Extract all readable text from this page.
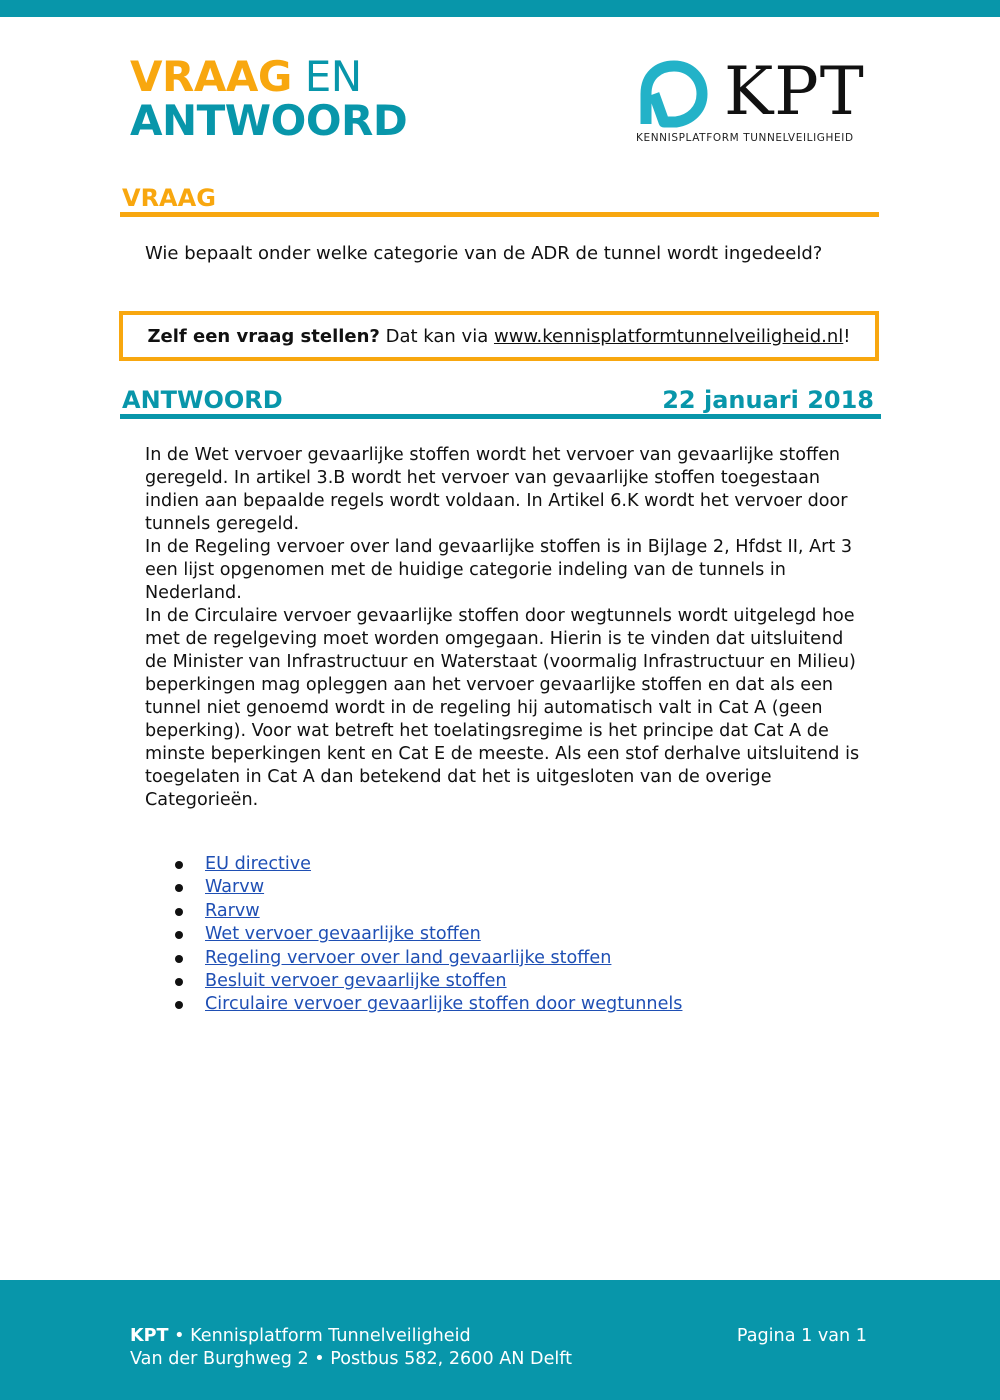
VRAAG EN
ANTWOORD	KPT
KENNISPLATFORM TUNNELVEILIGHEID
VRAAG
Wie bepaalt onder welke categorie van de ADR de tunnel wordt ingedeeld?
Zelf een vraag stellen? Dat kan via www.kennisplatformtunnelveiligheid.nl!
ANTWOORD	22 januari 2018

In de Wet vervoer gevaarlijke stoffen wordt het vervoer van gevaarlijke stoffen geregeld. In artikel 3.B wordt het vervoer van gevaarlijke stoffen toegestaan indien aan bepaalde regels wordt voldaan. In Artikel 6.K wordt het vervoer door tunnels geregeld.

In de Regeling vervoer over land gevaarlijke stoffen is in Bijlage 2, Hfdst II, Art 3 een lijst opgenomen met de huidige categorie indeling van de tunnels in Nederland.

In de Circulaire vervoer gevaarlijke stoffen door wegtunnels wordt uitgelegd hoe met de regelgeving moet worden omgegaan. Hierin is te vinden dat uitsluitend de Minister van Infrastructuur en Waterstaat (voormalig Infrastructuur en Milieu) beperkingen mag opleggen aan het vervoer gevaarlijke stoffen en dat als een tunnel niet genoemd wordt in de regeling hij automatisch valt in Cat A (geen beperking). Voor wat betreft het toelatingsregime is het principe dat Cat A de minste beperkingen kent en Cat E de meeste. Als een stof derhalve uitsluitend is toegelaten in Cat A dan betekend dat het is uitgesloten van de overige Categorieën.

EU directive
Warvw
Rarvw
Wet vervoer gevaarlijke stoffen
Regeling vervoer over land gevaarlijke stoffen
Besluit vervoer gevaarlijke stoffen
Circulaire vervoer gevaarlijke stoffen door wegtunnels
KPT • Kennisplatform Tunnelveiligheid
Van der Burghweg 2 • Postbus 582, 2600 AN Delft
Pagina 1 van 1
